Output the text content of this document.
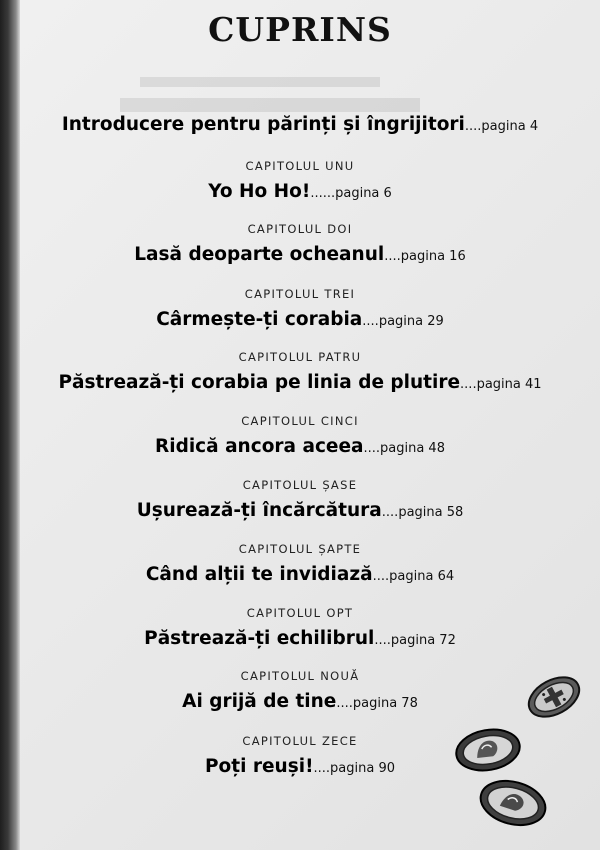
CUPRINS
Introducere pentru părinți și îngrijitori....pagina 4
CAPITOLUL UNU
Yo Ho Ho!......pagina 6
CAPITOLUL DOI
Lasă deoparte ocheanul....pagina 16
CAPITOLUL TREI
Cârmește-ți corabia....pagina 29
CAPITOLUL PATRU
Păstrează-ți corabia pe linia de plutire....pagina 41
CAPITOLUL CINCI
Ridică ancora aceea....pagina 48
CAPITOLUL ȘASE
Ușurează-ți încărcătura....pagina 58
CAPITOLUL ȘAPTE
Când alții te invidiază....pagina 64
CAPITOLUL OPT
Păstrează-ți echilibrul....pagina 72
CAPITOLUL NOUĂ
Ai grijă de tine....pagina 78
CAPITOLUL ZECE
Poți reuși!....pagina 90
